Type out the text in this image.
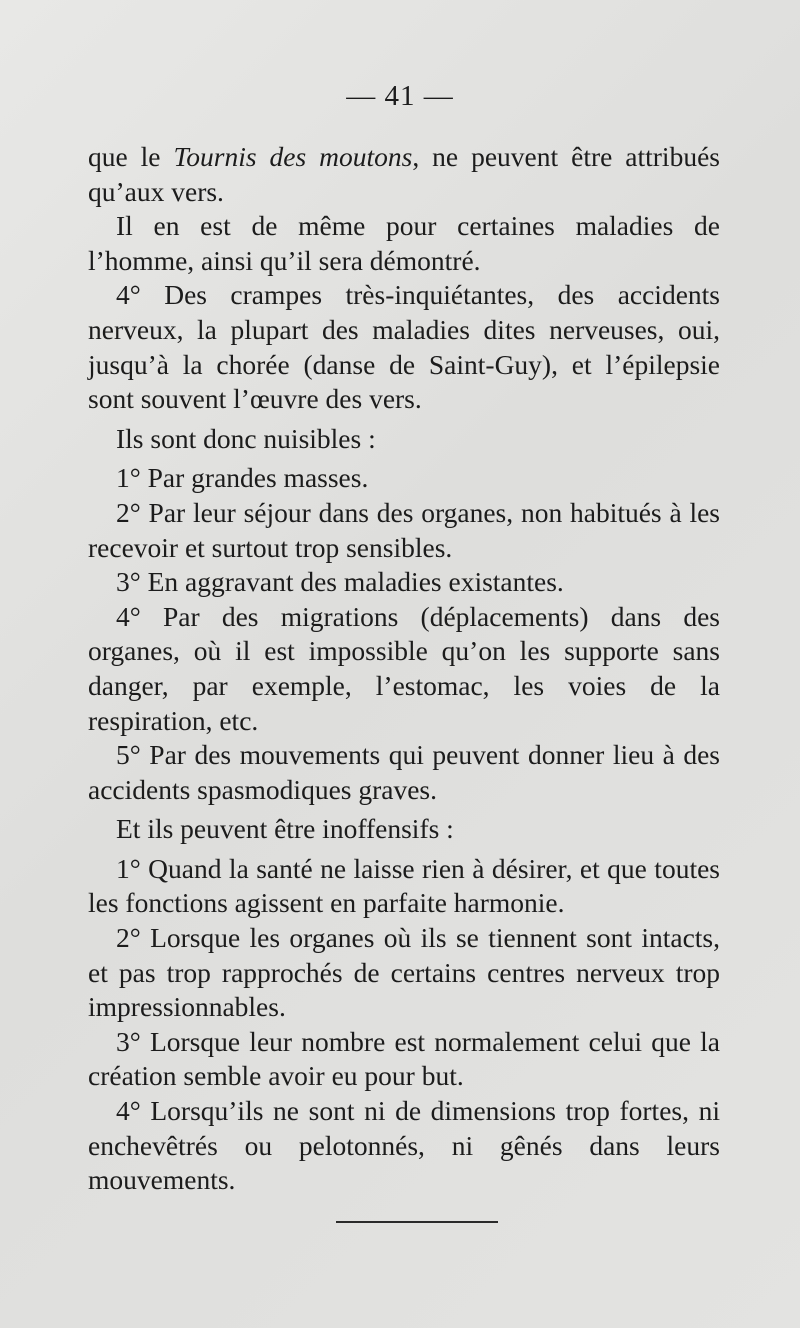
— 41 —

que le Tournis des moutons, ne peuvent être attribués qu’aux vers.

Il en est de même pour certaines maladies de l’homme, ainsi qu’il sera démontré.

4° Des crampes très-inquiétantes, des accidents nerveux, la plupart des maladies dites nerveuses, oui, jusqu’à la chorée (danse de Saint-Guy), et l’épilepsie sont souvent l’œuvre des vers.

Ils sont donc nuisibles :

1° Par grandes masses.

2° Par leur séjour dans des organes, non habitués à les recevoir et surtout trop sensibles.

3° En aggravant des maladies existantes.

4° Par des migrations (déplacements) dans des organes, où il est impossible qu’on les supporte sans danger, par exemple, l’estomac, les voies de la respiration, etc.

5° Par des mouvements qui peuvent donner lieu à des accidents spasmodiques graves.

Et ils peuvent être inoffensifs :

1° Quand la santé ne laisse rien à désirer, et que toutes les fonctions agissent en parfaite harmonie.

2° Lorsque les organes où ils se tiennent sont intacts, et pas trop rapprochés de certains centres nerveux trop impressionnables.

3° Lorsque leur nombre est normalement celui que la création semble avoir eu pour but.

4° Lorsqu’ils ne sont ni de dimensions trop fortes, ni enchevêtrés ou pelotonnés, ni gênés dans leurs mouvements.
